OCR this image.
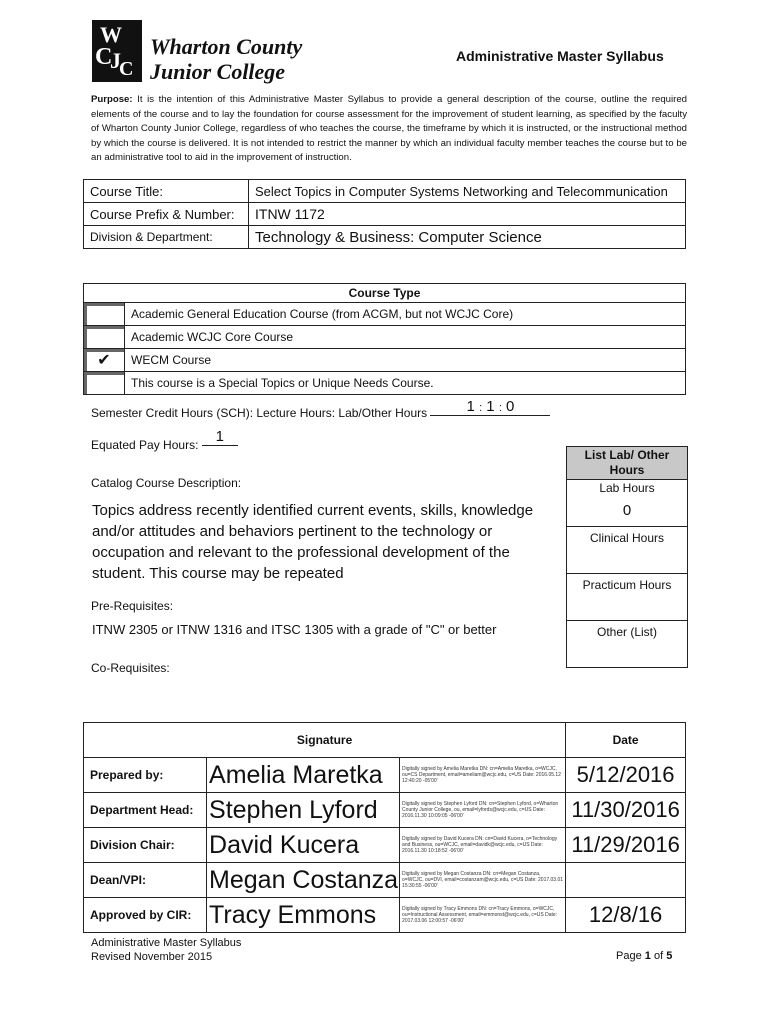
W
C
J
C
Wharton County
Junior College
Administrative Master Syllabus
Purpose: It is the intention of this Administrative Master Syllabus to provide a general description of the course, outline the required elements of the course and to lay the foundation for course assessment for the improvement of student learning, as specified by the faculty of Wharton County Junior College, regardless of who teaches the course, the timeframe by which it is instructed, or the instructional method by which the course is delivered. It is not intended to restrict the manner by which an individual faculty member teaches the course but to be an administrative tool to aid in the improvement of instruction.
Course Title:	Select Topics in Computer Systems Networking and Telecommunication
Course Prefix & Number:	ITNW 1172
Division & Department:	Technology & Business: Computer Science
Course Type	
	Academic General Education Course (from ACGM, but not WCJC Core)
	Academic WCJC Core Course
✔	WECM Course
	This course is a Special Topics or Unique Needs Course.
Semester Credit Hours (SCH): Lecture Hours: Lab/Other Hours	1 : 1 : 0
Equated Pay Hours: 1
Catalog Course Description:
Topics address recently identified current events, skills, knowledge and/or attitudes and behaviors pertinent to the technology or occupation and relevant to the professional development of the student. This course may be repeated
Pre-Requisites:
ITNW 2305 or ITNW 1316 and ITSC 1305 with a grade of "C" or better
Co-Requisites:
List Lab/ Other Hours
Lab Hours
0
Clinical Hours
Practicum Hours
Other (List)
Signature			Date
Prepared by:	Amelia Maretka	Digitally signed by Amelia Maretka DN: cn=Amelia Maretka, o=WCJC, ou=CS Department, email=ameliam@wcjc.edu, c=US Date: 2016.05.12 12:40:20 -05'00'	5/12/2016
Department Head:	Stephen Lyford	Digitally signed by Stephen Lyford DN: cn=Stephen Lyford, o=Wharton County Junior College, ou, email=lyfords@wcjc.edu, c=US Date: 2016.11.30 10:09:05 -06'00'	11/30/2016
Division Chair:	David Kucera	Digitally signed by David Kucera DN: cn=David Kucera, o=Technology and Business, ou=WCJC, email=davidk@wcjc.edu, c=US Date: 2016.11.30 10:18:52 -06'00'	11/29/2016
Dean/VPI:	Megan Costanza	Digitally signed by Megan Costanza DN: cn=Megan Costanza, o=WCJC, ou=DVI, email=costanzam@wcjc.edu, c=US Date: 2017.03.01 15:30:55 -06'00'	
Approved by CIR:	Tracy Emmons	Digitally signed by Tracy Emmons DN: cn=Tracy Emmons, o=WCJC, ou=Instructional Assessment, email=emmonst@wcjc.edu, c=US Date: 2017.03.06 12:00:57 -06'00'	12/8/16
Administrative Master Syllabus
Revised November 2015	Page 1 of 5
